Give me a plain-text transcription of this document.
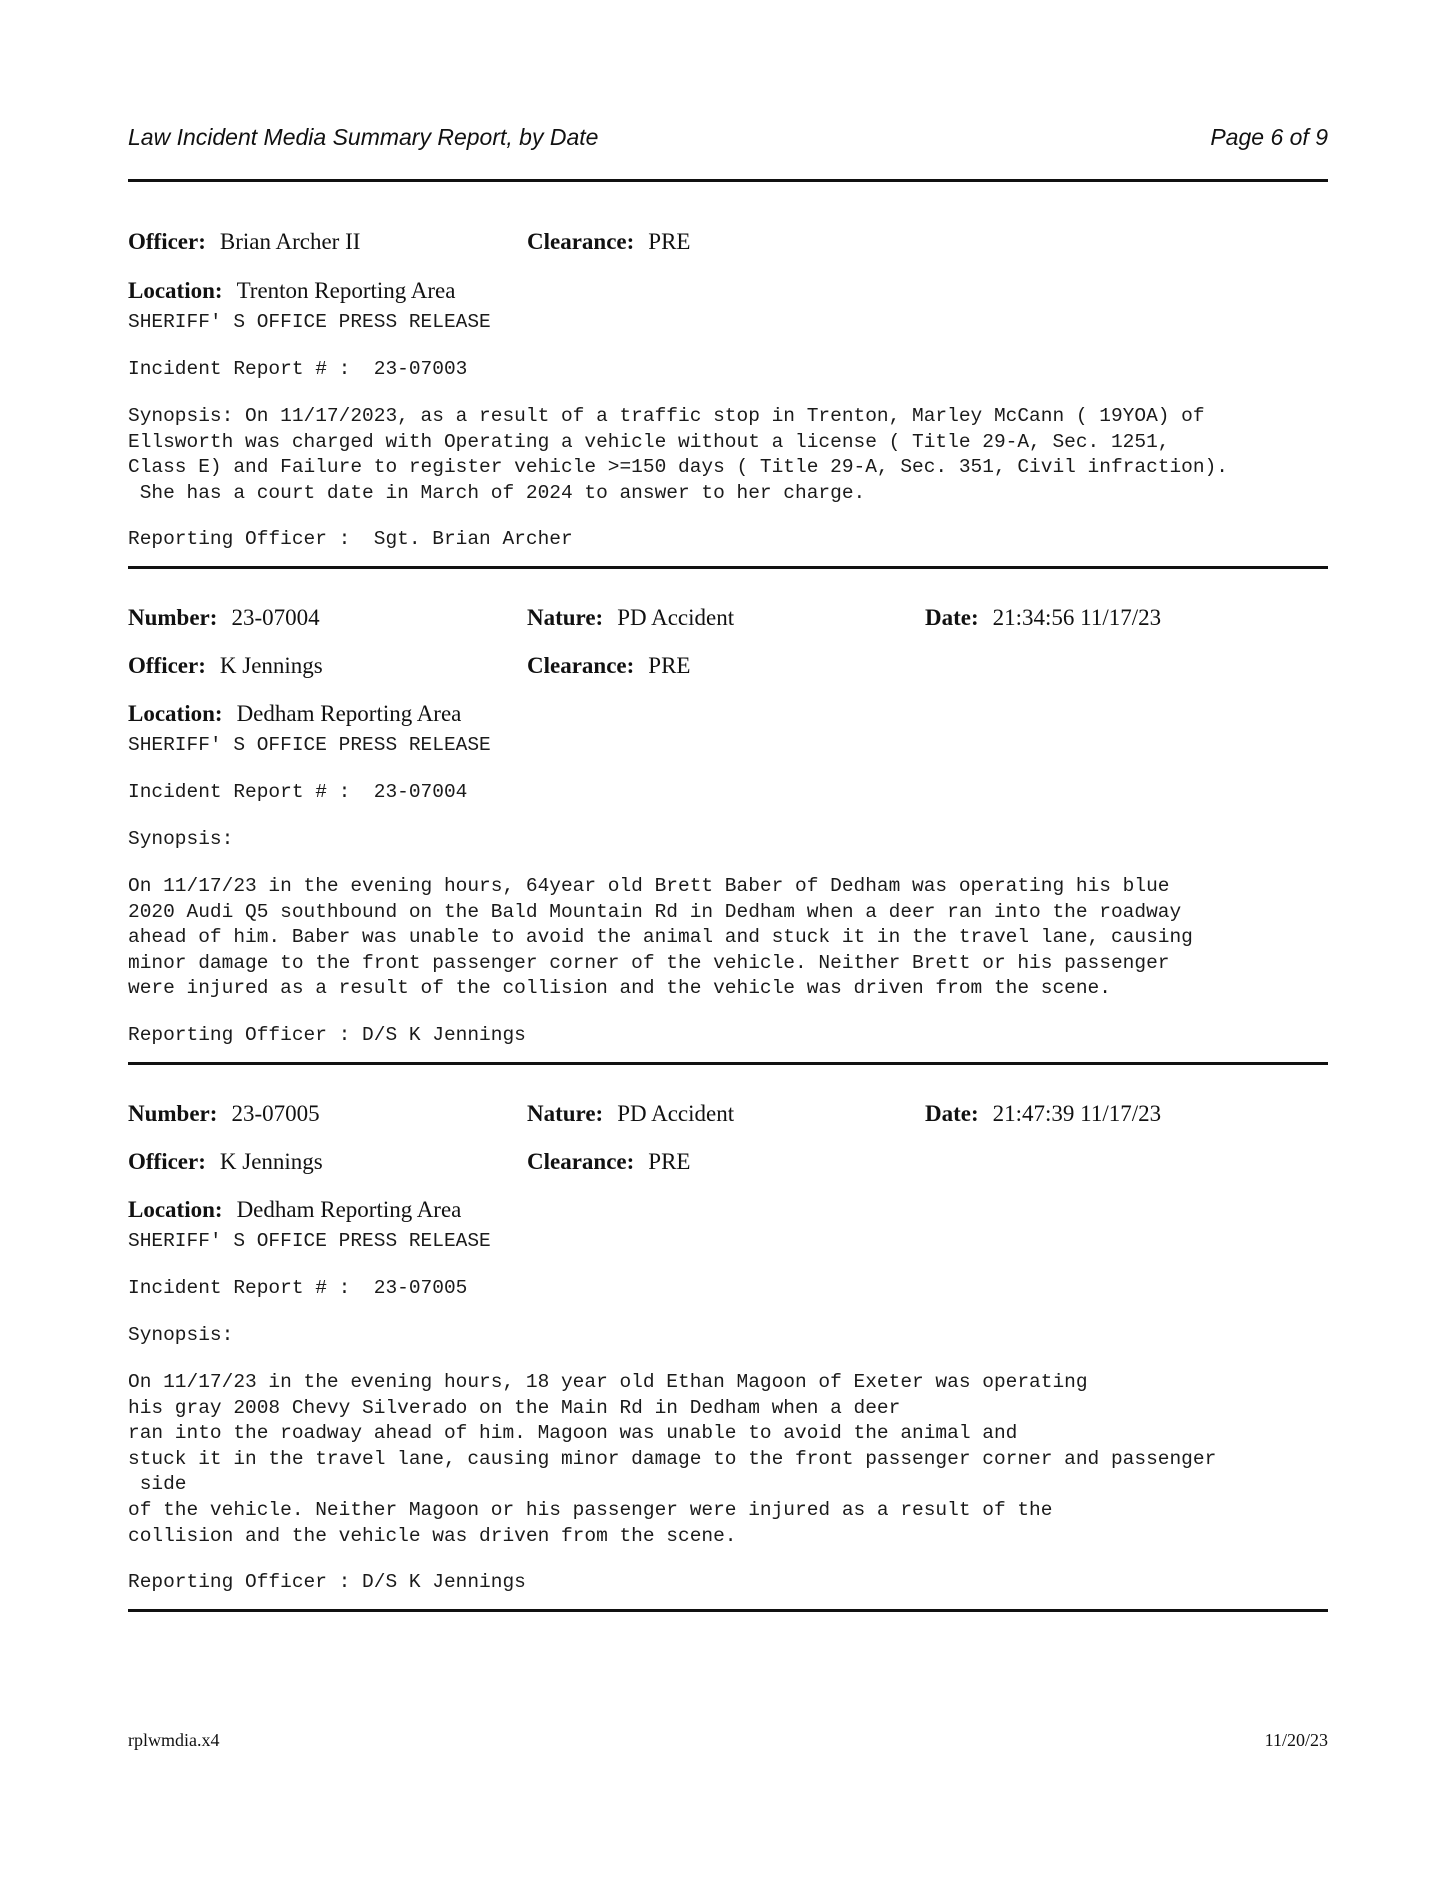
Law Incident Media Summary Report, by Date	Page 6 of 9
Officer: Brian Archer II	Clearance: PRE
Location: Trenton Reporting Area
SHERIFF' S OFFICE PRESS RELEASE
Incident Report # :  23-07003
Synopsis: On 11/17/2023, as a result of a traffic stop in Trenton, Marley McCann ( 19YOA) of
Ellsworth was charged with Operating a vehicle without a license ( Title 29-A, Sec. 1251,
Class E) and Failure to register vehicle >=150 days ( Title 29-A, Sec. 351, Civil infraction).
She has a court date in March of 2024 to answer to her charge.
Reporting Officer :  Sgt. Brian Archer
Number: 23-07004	Nature: PD Accident	Date: 21:34:56 11/17/23
Officer: K Jennings	Clearance: PRE
Location: Dedham Reporting Area
SHERIFF' S OFFICE PRESS RELEASE
Incident Report # :  23-07004
Synopsis:
On 11/17/23 in the evening hours, 64year old Brett Baber of Dedham was operating his blue
2020 Audi Q5 southbound on the Bald Mountain Rd in Dedham when a deer ran into the roadway
ahead of him. Baber was unable to avoid the animal and stuck it in the travel lane, causing
minor damage to the front passenger corner of the vehicle. Neither Brett or his passenger
were injured as a result of the collision and the vehicle was driven from the scene.
Reporting Officer : D/S K Jennings
Number: 23-07005	Nature: PD Accident	Date: 21:47:39 11/17/23
Officer: K Jennings	Clearance: PRE
Location: Dedham Reporting Area
SHERIFF' S OFFICE PRESS RELEASE
Incident Report # :  23-07005
Synopsis:
On 11/17/23 in the evening hours, 18 year old Ethan Magoon of Exeter was operating
his gray 2008 Chevy Silverado on the Main Rd in Dedham when a deer
ran into the roadway ahead of him. Magoon was unable to avoid the animal and
stuck it in the travel lane, causing minor damage to the front passenger corner and passenger
side
of the vehicle. Neither Magoon or his passenger were injured as a result of the
collision and the vehicle was driven from the scene.
Reporting Officer : D/S K Jennings
rplwmdia.x4	11/20/23
